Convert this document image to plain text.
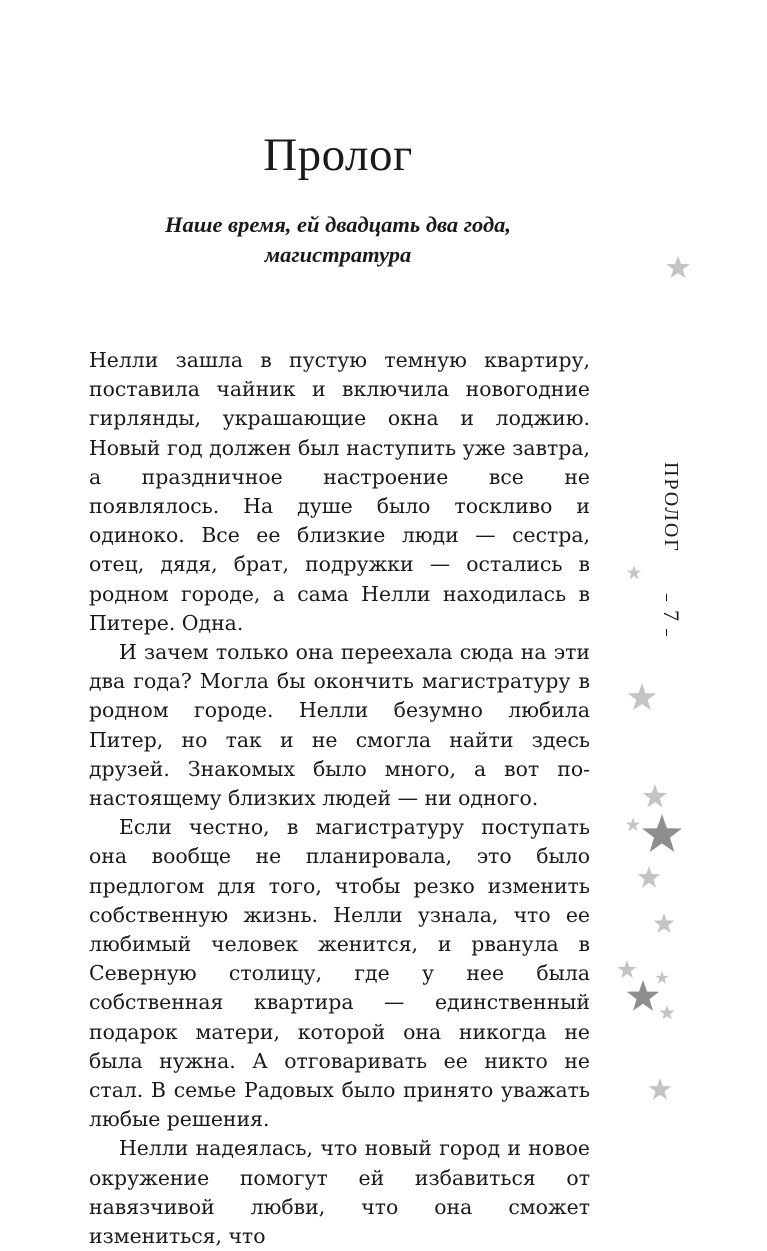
Пролог
Наше время, ей двадцать два года,
магистратура

Нелли зашла в пустую темную квартиру, поставила чайник и включила новогодние гирлянды, украшающие окна и лоджию. Новый год должен был наступить уже завтра, а праздничное настроение все не появлялось. На душе было тоскливо и одиноко. Все ее близкие люди — сестра, отец, дядя, брат, подружки — остались в родном городе, а сама Нелли находилась в Питере. Одна.

И зачем только она переехала сюда на эти два года? Могла бы окончить магистратуру в родном городе. Нелли безумно любила Питер, но так и не смогла найти здесь друзей. Знакомых было много, а вот по-настоящему близких людей — ни одного.

Если честно, в магистратуру поступать она вообще не планировала, это было предлогом для того, чтобы резко изменить собственную жизнь. Нелли узнала, что ее любимый человек женится, и рванула в Северную столицу, где у нее была собственная квартира — единственный подарок матери, которой она никогда не была нужна. А отговаривать ее никто не стал. В семье Радовых было принято уважать любые решения.

Нелли надеялась, что новый город и новое окружение помогут ей избавиться от навязчивой любви, что она сможет измениться, что

ПРОЛОГ
7
